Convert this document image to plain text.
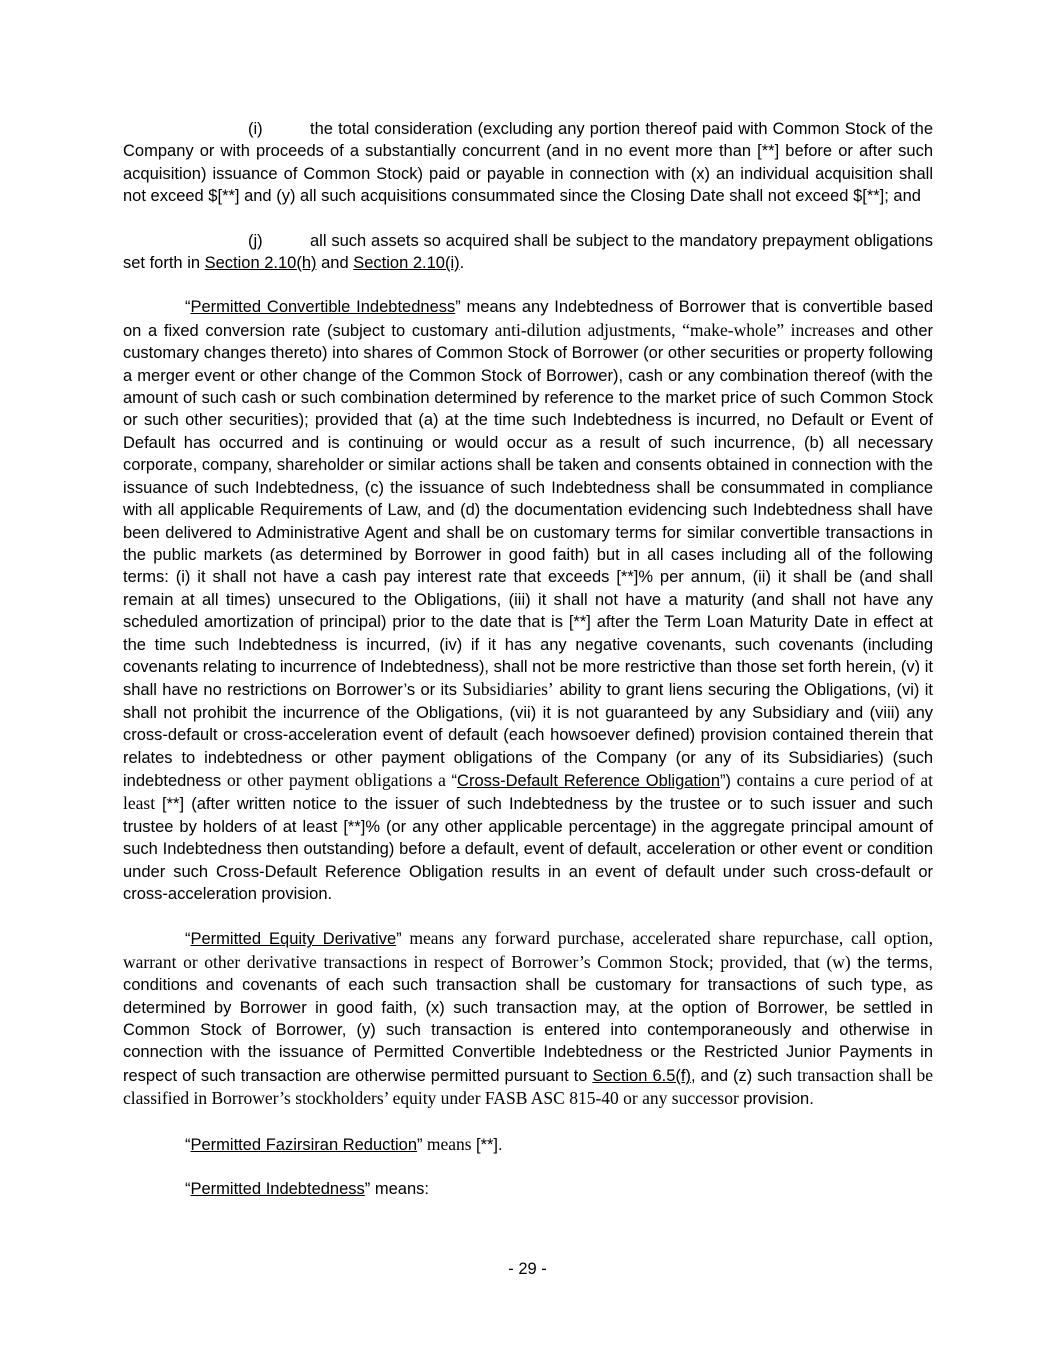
(i)	the total consideration (excluding any portion thereof paid with Common Stock of the Company or with proceeds of a substantially concurrent (and in no event more than [**] before or after such acquisition) issuance of Common Stock) paid or payable in connection with (x) an individual acquisition shall not exceed $[**] and (y) all such acquisitions consummated since the Closing Date shall not exceed $[**]; and

(j)	all such assets so acquired shall be subject to the mandatory prepayment obligations set forth in Section 2.10(h) and Section 2.10(i).

“Permitted Convertible Indebtedness” means any Indebtedness of Borrower that is convertible based on a fixed conversion rate (subject to customary anti-dilution adjustments, “make-whole” increases and other customary changes thereto) into shares of Common Stock of Borrower (or other securities or property following a merger event or other change of the Common Stock of Borrower), cash or any combination thereof (with the amount of such cash or such combination determined by reference to the market price of such Common Stock or such other securities); provided that (a) at the time such Indebtedness is incurred, no Default or Event of Default has occurred and is continuing or would occur as a result of such incurrence, (b) all necessary corporate, company, shareholder or similar actions shall be taken and consents obtained in connection with the issuance of such Indebtedness, (c) the issuance of such Indebtedness shall be consummated in compliance with all applicable Requirements of Law, and (d) the documentation evidencing such Indebtedness shall have been delivered to Administrative Agent and shall be on customary terms for similar convertible transactions in the public markets (as determined by Borrower in good faith) but in all cases including all of the following terms: (i) it shall not have a cash pay interest rate that exceeds [**]% per annum, (ii) it shall be (and shall remain at all times) unsecured to the Obligations, (iii) it shall not have a maturity (and shall not have any scheduled amortization of principal) prior to the date that is [**] after the Term Loan Maturity Date in effect at the time such Indebtedness is incurred, (iv) if it has any negative covenants, such covenants (including covenants relating to incurrence of Indebtedness), shall not be more restrictive than those set forth herein, (v) it shall have no restrictions on Borrower’s or its Subsidiaries’ ability to grant liens securing the Obligations, (vi) it shall not prohibit the incurrence of the Obligations, (vii) it is not guaranteed by any Subsidiary and (viii) any cross-default or cross-acceleration event of default (each howsoever defined) provision contained therein that relates to indebtedness or other payment obligations of the Company (or any of its Subsidiaries) (such indebtedness or other payment obligations a “Cross-Default Reference Obligation”) contains a cure period of at least [**] (after written notice to the issuer of such Indebtedness by the trustee or to such issuer and such trustee by holders of at least [**]% (or any other applicable percentage) in the aggregate principal amount of such Indebtedness then outstanding) before a default, event of default, acceleration or other event or condition under such Cross-Default Reference Obligation results in an event of default under such cross-default or cross-acceleration provision.

“Permitted Equity Derivative” means any forward purchase, accelerated share repurchase, call option, warrant or other derivative transactions in respect of Borrower’s Common Stock; provided, that (w) the terms, conditions and covenants of each such transaction shall be customary for transactions of such type, as determined by Borrower in good faith, (x) such transaction may, at the option of Borrower, be settled in Common Stock of Borrower, (y) such transaction is entered into contemporaneously and otherwise in connection with the issuance of Permitted Convertible Indebtedness or the Restricted Junior Payments in respect of such transaction are otherwise permitted pursuant to Section 6.5(f), and (z) such transaction shall be classified in Borrower’s stockholders’ equity under FASB ASC 815-40 or any successor provision.

“Permitted Fazirsiran Reduction” means [**].

“Permitted Indebtedness” means:

- 29 -
